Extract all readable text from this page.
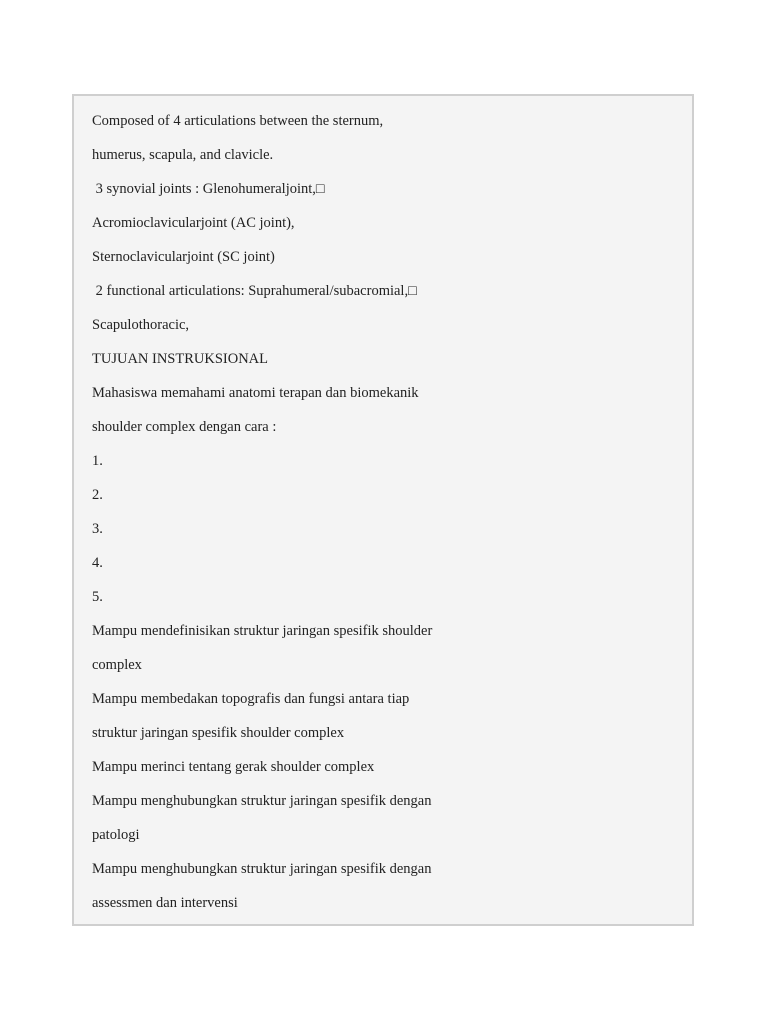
Composed of 4 articulations between the sternum,
humerus, scapula, and clavicle.
3 synovial joints : Glenohumeraljoint,□
Acromioclavicularjoint (AC joint),
Sternoclavicularjoint (SC joint)
2 functional articulations: Suprahumeral/subacromial,□
Scapulothoracic,
TUJUAN INSTRUKSIONAL
Mahasiswa memahami anatomi terapan dan biomekanik
shoulder complex dengan cara :
1.
2.
3.
4.
5.
Mampu mendefinisikan struktur jaringan spesifik shoulder
complex
Mampu membedakan topografis dan fungsi antara tiap
struktur jaringan spesifik shoulder complex
Mampu merinci tentang gerak shoulder complex
Mampu menghubungkan struktur jaringan spesifik dengan
patologi
Mampu menghubungkan struktur jaringan spesifik dengan
assessmen dan intervensi
